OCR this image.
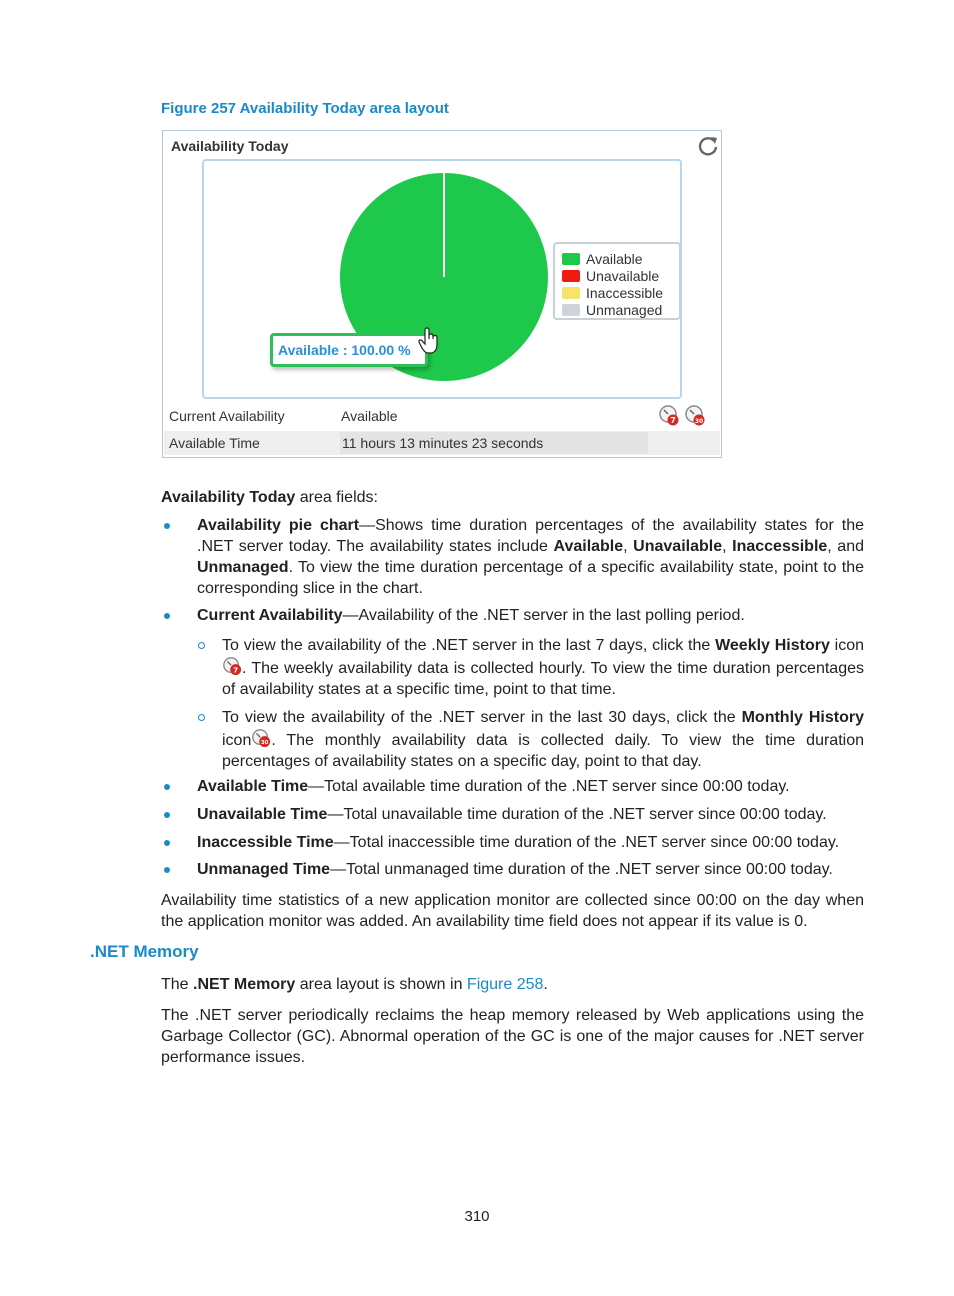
Figure 257 Availability Today area layout
Availability Today
Available
Unavailable
Inaccessible
Unmanaged
Available : 100.00 %
Current Availability	Available	7
	30
Available Time	11 hours 13 minutes 23 seconds
Availability Today area fields:
Availability pie chart—Shows time duration percentages of the availability states for the .NET server today. The availability states include Available, Unavailable, Inaccessible, and Unmanaged. To view the time duration percentage of a specific availability state, point to the corresponding slice in the chart.
Current Availability—Availability of the .NET server in the last polling period.
To view the availability of the .NET server in the last 7 days, click the Weekly History icon
7 . The weekly availability data is collected hourly. To view the time duration percentages of availability states at a specific time, point to that time.
To view the availability of the .NET server in the last 30 days, click the Monthly History icon 30 . The monthly availability data is collected daily. To view the time duration percentages of availability states on a specific day, point to that day.
Available Time—Total available time duration of the .NET server since 00:00 today.
Unavailable Time—Total unavailable time duration of the .NET server since 00:00 today.
Inaccessible Time—Total inaccessible time duration of the .NET server since 00:00 today.
Unmanaged Time—Total unmanaged time duration of the .NET server since 00:00 today.
Availability time statistics of a new application monitor are collected since 00:00 on the day when the application monitor was added. An availability time field does not appear if its value is 0.
.NET Memory
The .NET Memory area layout is shown in Figure 258.
The .NET server periodically reclaims the heap memory released by Web applications using the Garbage Collector (GC). Abnormal operation of the GC is one of the major causes for .NET server performance issues.
310
